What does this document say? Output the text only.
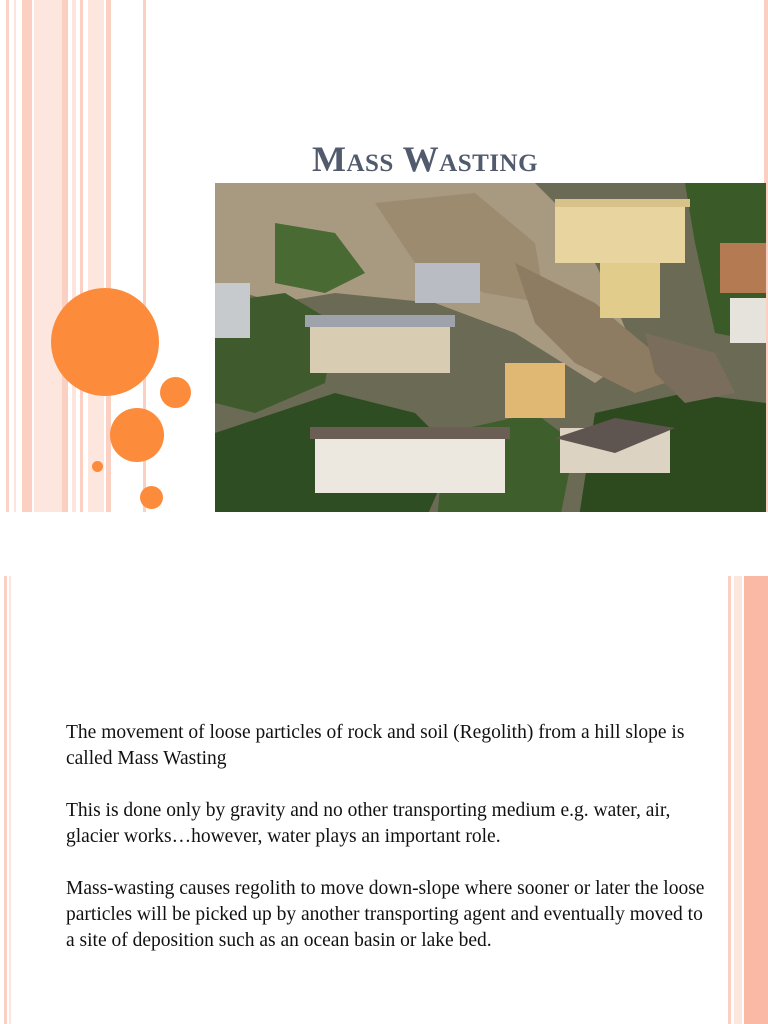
Mass Wasting

The movement of loose particles of rock and soil (Regolith) from a hill slope is called Mass Wasting

This is done only by gravity and no other transporting medium e.g. water, air, glacier works…however, water plays an important role.

Mass-wasting causes regolith to move down-slope where sooner or later the loose particles will be picked up by another transporting agent and eventually moved to a site of deposition such as an ocean basin or lake bed.
